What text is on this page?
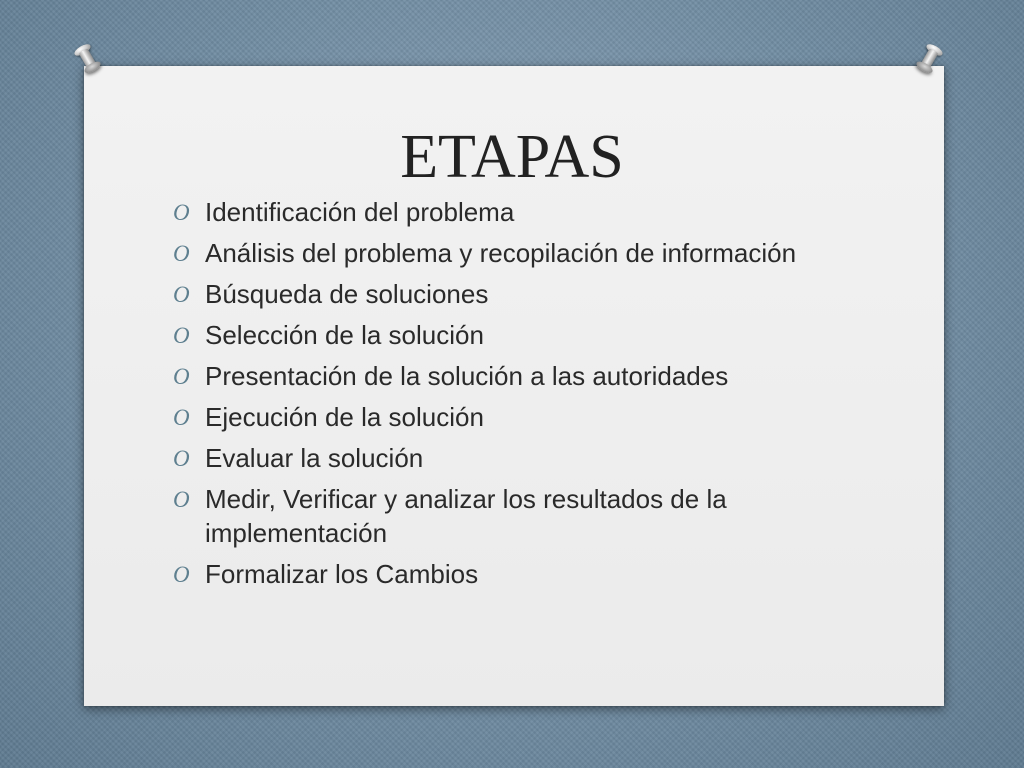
ETAPAS
O Identificación del problema
O Análisis del problema y recopilación de información
O Búsqueda de soluciones
O Selección de la solución
O Presentación de la solución a las autoridades
O Ejecución de la solución
O Evaluar la solución
O Medir, Verificar y analizar los resultados de la implementación
O Formalizar los Cambios
